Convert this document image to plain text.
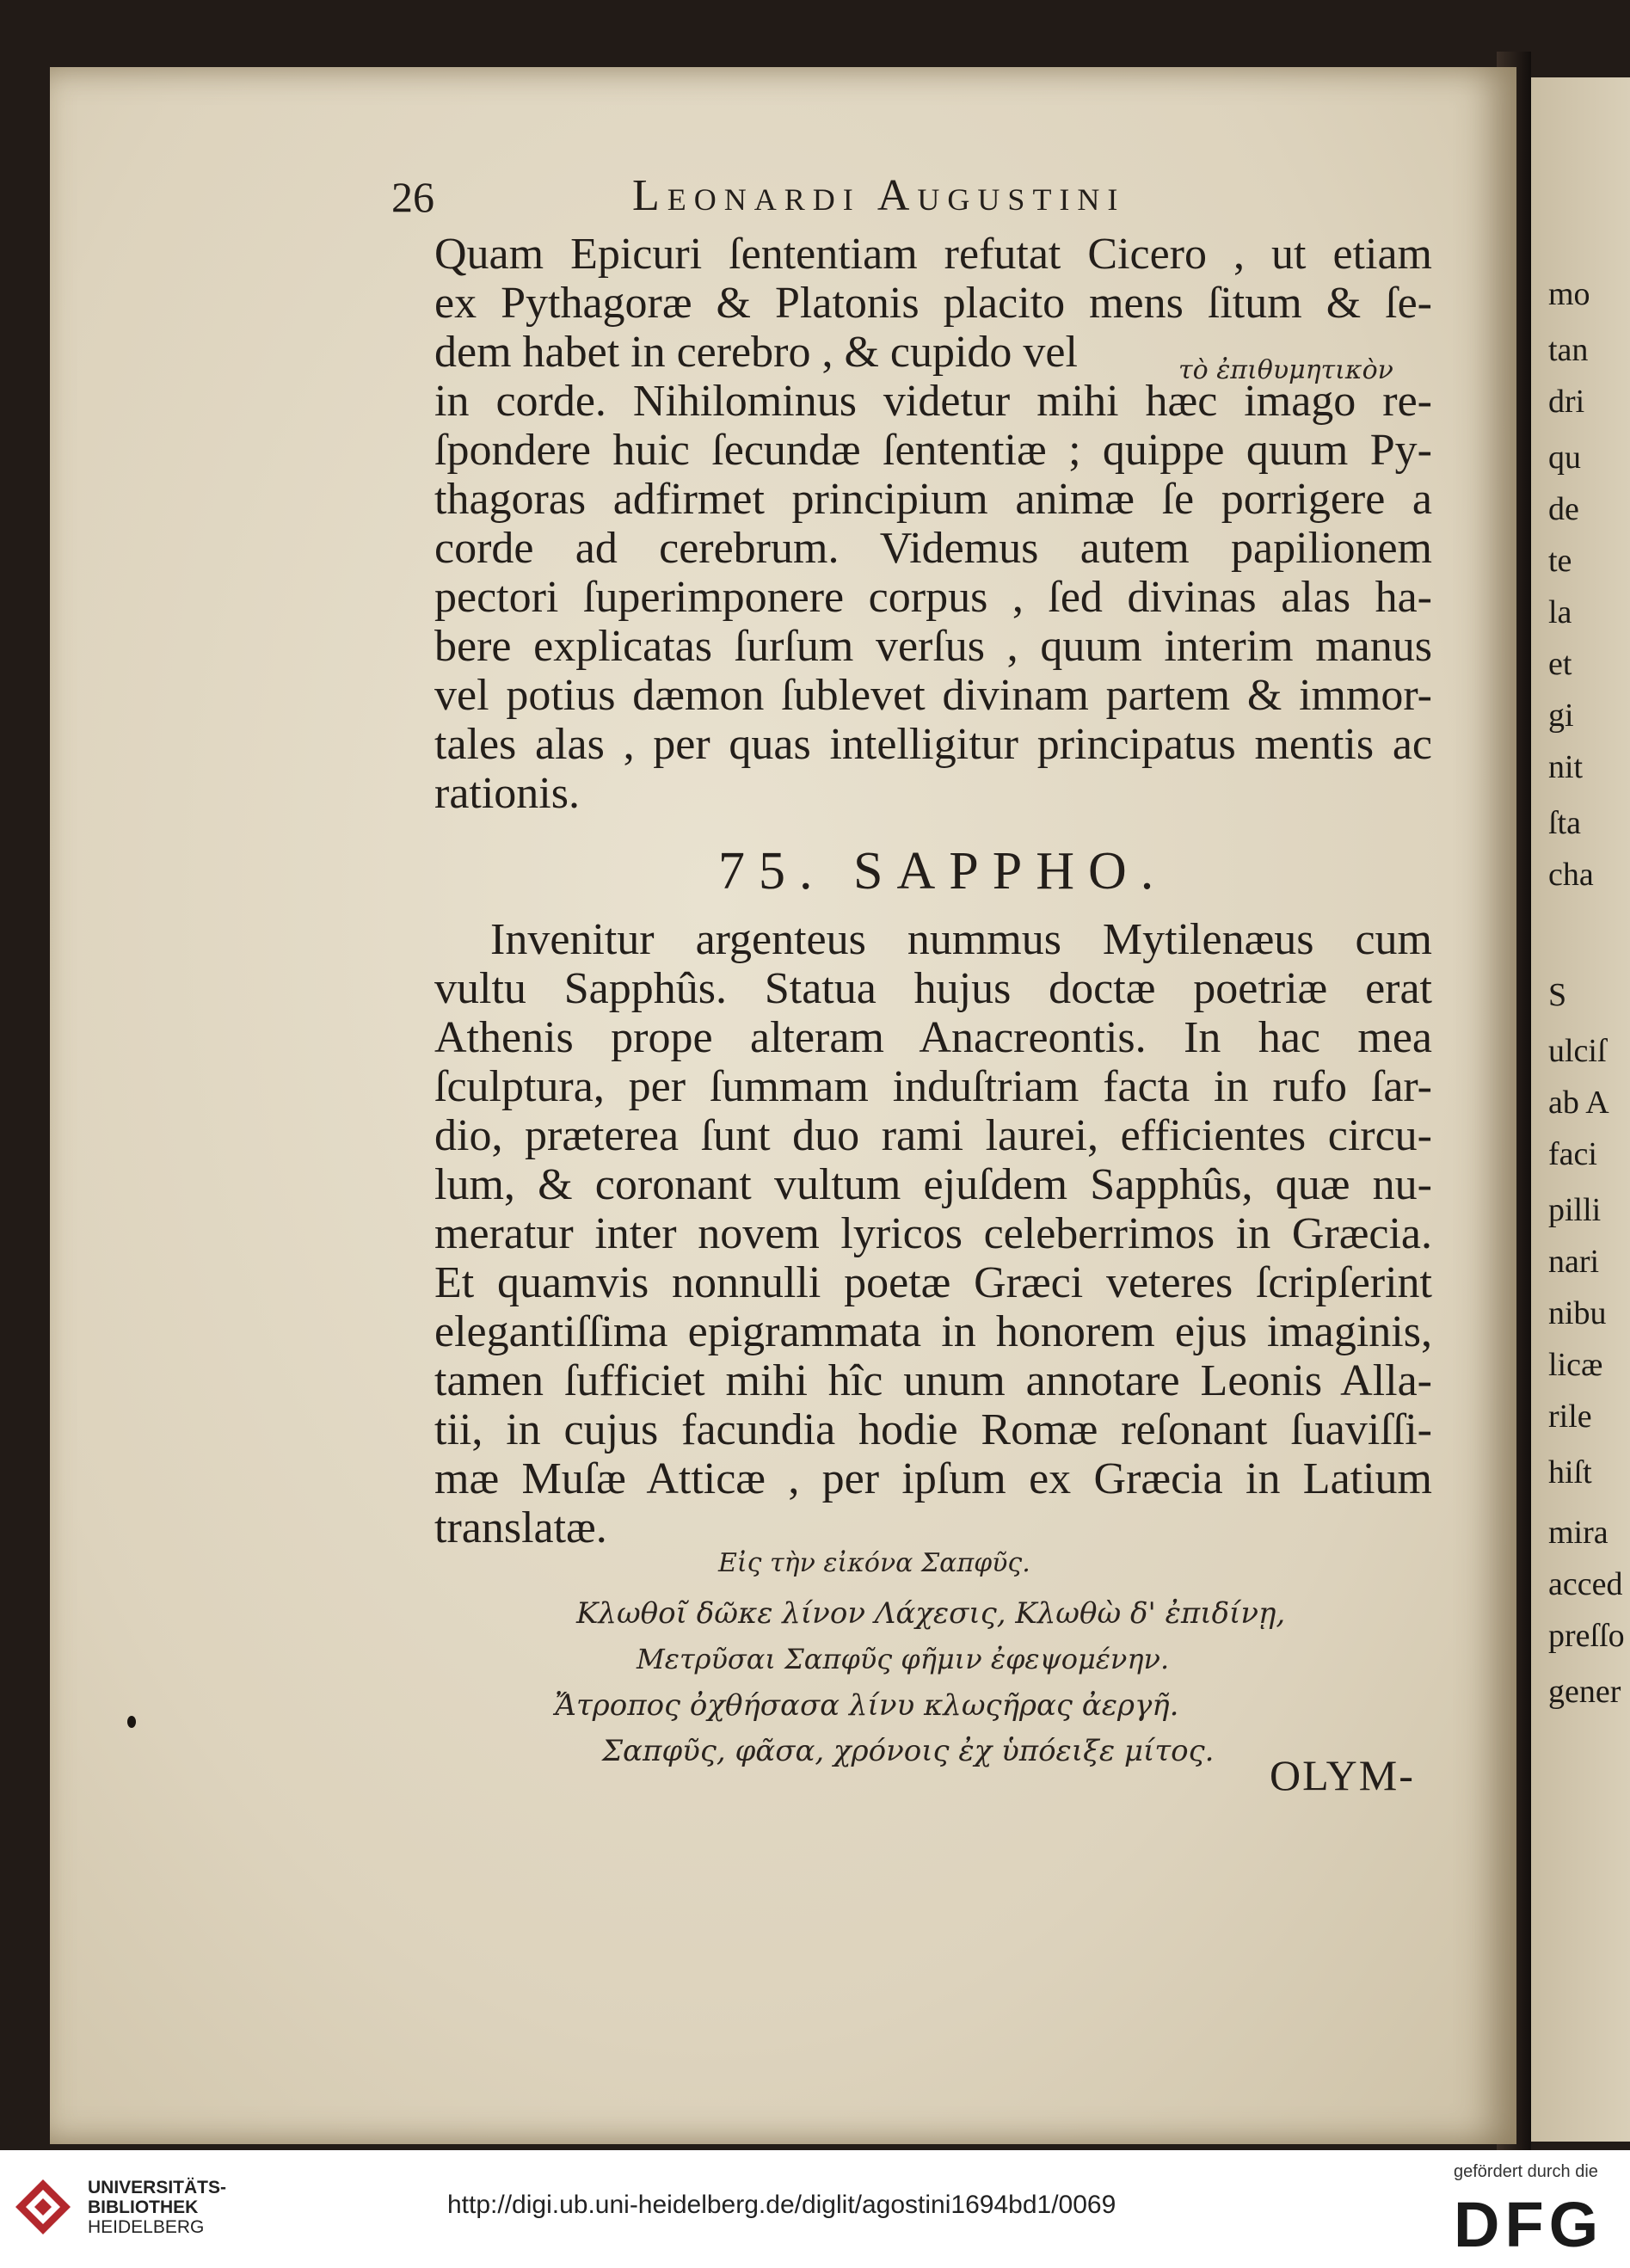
mo
tan
dri
qu
de
te
la
et
gi
nit
ſta
cha
S
ulciſ
ab A
faci
pilli
nari
nibu
licæ
rile
hiſt
mira
acced
preſſo
gener
26	Leonardi Augustini
Quam Epicuri ſententiam refutat Cicero , ut etiam
ex Pythagoræ & Platonis placito mens ſitum & ſe-
dem habet in cerebro , & cupido vel
in corde. Nihilominus videtur mihi hæc imago re-
ſpondere huic ſecundæ ſententiæ ; quippe quum Py-
thagoras adfirmet principium animæ ſe porrigere a
corde ad cerebrum. Videmus autem papilionem
pectori ſuperimponere corpus , ſed divinas alas ha-
bere explicatas ſurſum verſus , quum interim manus
vel potius dæmon ſublevet divinam partem & immor-
tales alas , per quas intelligitur principatus mentis ac
rationis.
τὸ ἐπιθυμητικὸν
75. SAPPHO.
Invenitur argenteus nummus Mytilenæus cum
vultu Sapphûs. Statua hujus doctæ poetriæ erat
Athenis prope alteram Anacreontis. In hac mea
ſculptura, per ſummam induſtriam facta in rufo ſar-
dio, præterea ſunt duo rami laurei, efficientes circu-
lum, & coronant vultum ejuſdem Sapphûs, quæ nu-
meratur inter novem lyricos celeberrimos in Græcia.
Et quamvis nonnulli poetæ Græci veteres ſcripſerint
elegantiſſima epigrammata in honorem ejus imaginis,
tamen ſufficiet mihi hîc unum annotare Leonis Alla-
tii, in cujus facundia hodie Romæ reſonant ſuaviſſi-
mæ Muſæ Atticæ , per ipſum ex Græcia in Latium
translatæ.
Εἰς τὴν εἰκόνα Σαπφῦς.
Κλωθοῖ δῶκε λίνον Λάχεσις, Κλωθὼ δ' ἐπιδίνῃ,
Μετρῦσαι Σαπφῦς φῆμιν ἐφεψομένην.
Ἄτροπος ὀχθήσασα λίνυ κλωςῆρας ἀεργῆ.
Σαπφῦς, φᾶσα, χρόνοις ἐχ ὑπόειξε μίτος. OLYM-
UNIVERSITÄTS-
BIBLIOTHEK
HEIDELBERG
http://digi.ub.uni-heidelberg.de/diglit/agostini1694bd1/0069
gefördert durch die
DFG
